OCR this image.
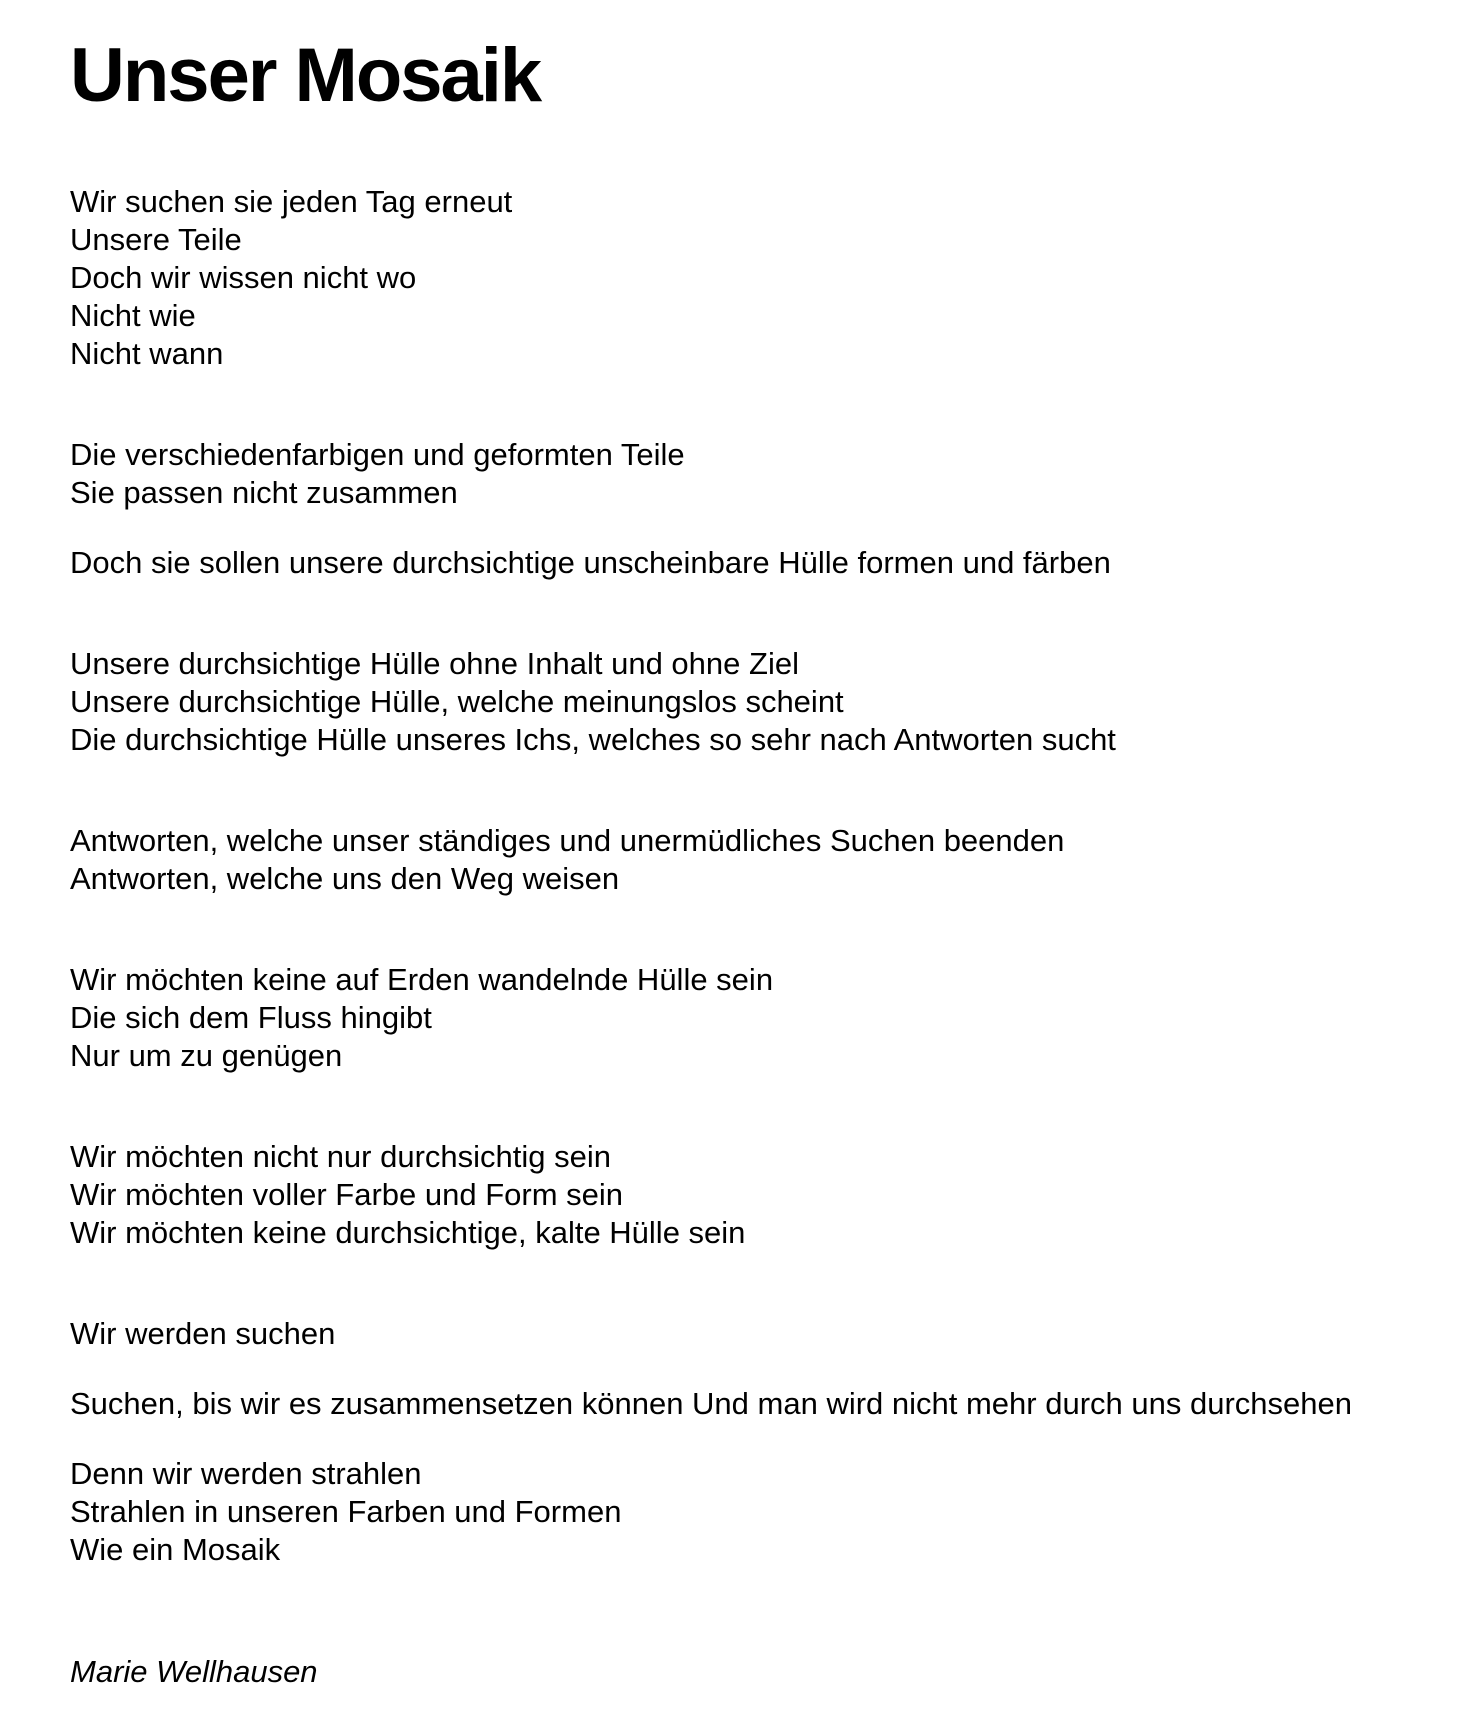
Unser Mosaik
Wir suchen sie jeden Tag erneut
Unsere Teile
Doch wir wissen nicht wo
Nicht wie
Nicht wann
Die verschiedenfarbigen und geformten Teile
Sie passen nicht zusammen
Doch sie sollen unsere durchsichtige unscheinbare Hülle formen und färben
Unsere durchsichtige Hülle ohne Inhalt und ohne Ziel
Unsere durchsichtige Hülle, welche meinungslos scheint
Die durchsichtige Hülle unseres Ichs, welches so sehr nach Antworten sucht
Antworten, welche unser ständiges und unermüdliches Suchen beenden
Antworten, welche uns den Weg weisen
Wir möchten keine auf Erden wandelnde Hülle sein
Die sich dem Fluss hingibt
Nur um zu genügen
Wir möchten nicht nur durchsichtig sein
Wir möchten voller Farbe und Form sein
Wir möchten keine durchsichtige, kalte Hülle sein
Wir werden suchen
Suchen, bis wir es zusammensetzen können Und man wird nicht mehr durch uns durchsehen
Denn wir werden strahlen
Strahlen in unseren Farben und Formen
Wie ein Mosaik
Marie Wellhausen
